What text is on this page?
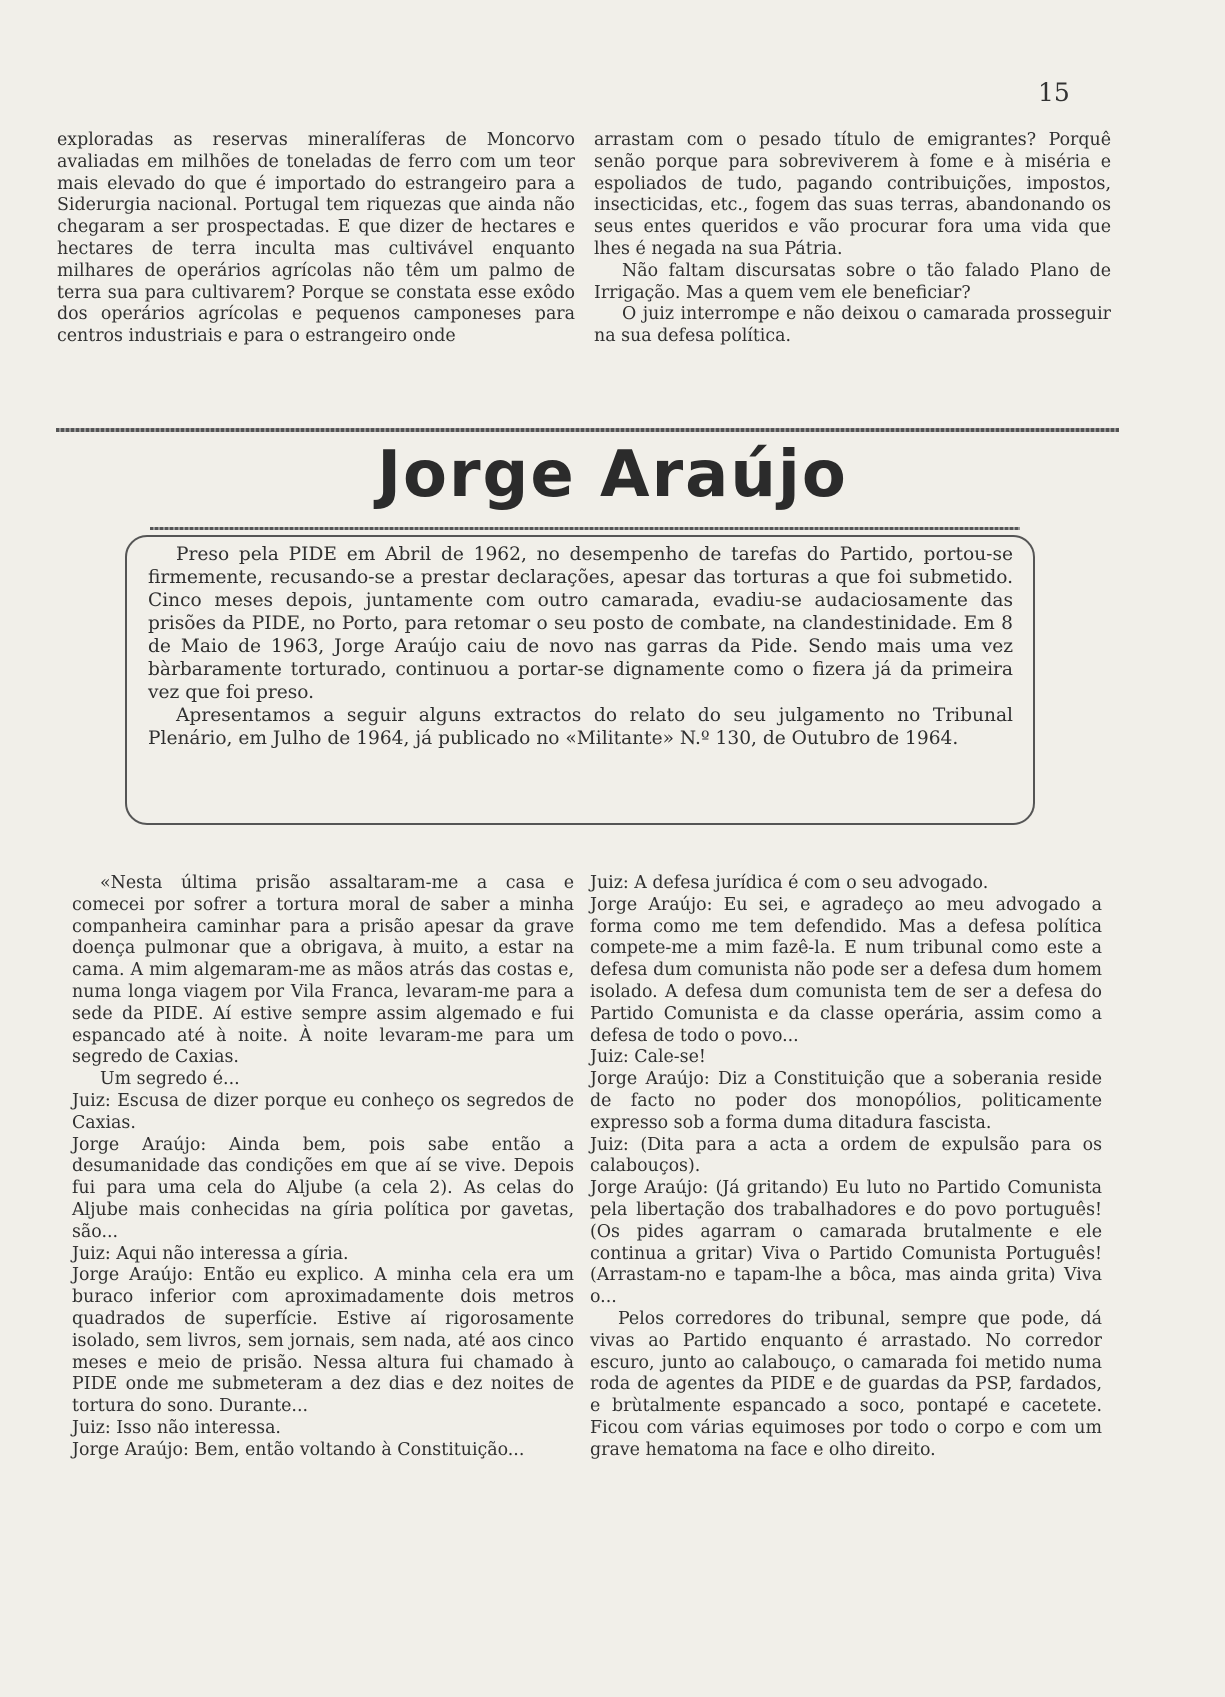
15

exploradas as reservas mineralíferas de Moncorvo avaliadas em milhões de toneladas de ferro com um teor mais elevado do que é importado do estrangeiro para a Siderurgia nacional. Portugal tem riquezas que ainda não chegaram a ser prospectadas. E que dizer de hectares e hectares de terra inculta mas cultivável enquanto milhares de operários agrícolas não têm um palmo de terra sua para cultivarem? Porque se constata esse exôdo dos operários agrícolas e pequenos camponeses para centros industriais e para o estrangeiro onde

arrastam com o pesado título de emigrantes? Porquê senão porque para sobreviverem à fome e à miséria e espoliados de tudo, pagando contribuições, impostos, insecticidas, etc., fogem das suas terras, abandonando os seus entes queridos e vão procurar fora uma vida que lhes é negada na sua Pátria.

Não faltam discursatas sobre o tão falado Plano de Irrigação. Mas a quem vem ele beneficiar?

O juiz interrompe e não deixou o camarada prosseguir na sua defesa política.

Jorge Araújo

Preso pela PIDE em Abril de 1962, no desempenho de tarefas do Partido, portou-se firmemente, recusando-se a prestar declarações, apesar das torturas a que foi submetido. Cinco meses depois, juntamente com outro camarada, evadiu-se audaciosamente das prisões da PIDE, no Porto, para retomar o seu posto de combate, na clandestinidade. Em 8 de Maio de 1963, Jorge Araújo caiu de novo nas garras da Pide. Sendo mais uma vez bàrbaramente torturado, continuou a portar-se dignamente como o fizera já da primeira vez que foi preso.

Apresentamos a seguir alguns extractos do relato do seu julgamento no Tribunal Plenário, em Julho de 1964, já publicado no «Militante» N.º 130, de Outubro de 1964.

«Nesta última prisão assaltaram-me a casa e comecei por sofrer a tortura moral de saber a minha companheira caminhar para a prisão apesar da grave doença pulmonar que a obrigava, à muito, a estar na cama. A mim algemaram-me as mãos atrás das costas e, numa longa viagem por Vila Franca, levaram-me para a sede da PIDE. Aí estive sempre assim algemado e fui espancado até à noite. À noite levaram-me para um segredo de Caxias.

Um segredo é...

Juiz: Escusa de dizer porque eu conheço os segredos de Caxias.

Jorge Araújo: Ainda bem, pois sabe então a desumanidade das condições em que aí se vive. Depois fui para uma cela do Aljube (a cela 2). As celas do Aljube mais conhecidas na gíria política por gavetas, são...

Juiz: Aqui não interessa a gíria.

Jorge Araújo: Então eu explico. A minha cela era um buraco inferior com aproximadamente dois metros quadrados de superfície. Estive aí rigorosamente isolado, sem livros, sem jornais, sem nada, até aos cinco meses e meio de prisão. Nessa altura fui chamado à PIDE onde me submeteram a dez dias e dez noites de tortura do sono. Durante...

Juiz: Isso não interessa.

Jorge Araújo: Bem, então voltando à Constituição...

Juiz: A defesa jurídica é com o seu advogado.

Jorge Araújo: Eu sei, e agradeço ao meu advogado a forma como me tem defendido. Mas a defesa política compete-me a mim fazê-la. E num tribunal como este a defesa dum comunista não pode ser a defesa dum homem isolado. A defesa dum comunista tem de ser a defesa do Partido Comunista e da classe operária, assim como a defesa de todo o povo...

Juiz: Cale-se!

Jorge Araújo: Diz a Constituição que a soberania reside de facto no poder dos monopólios, politicamente expresso sob a forma duma ditadura fascista.

Juiz: (Dita para a acta a ordem de expulsão para os calabouços).

Jorge Araújo: (Já gritando) Eu luto no Partido Comunista pela libertação dos trabalhadores e do povo português! (Os pides agarram o camarada brutalmente e ele continua a gritar) Viva o Partido Comunista Português! (Arrastam-no e tapam-lhe a bôca, mas ainda grita) Viva o...

Pelos corredores do tribunal, sempre que pode, dá vivas ao Partido enquanto é arrastado. No corredor escuro, junto ao calabouço, o camarada foi metido numa roda de agentes da PIDE e de guardas da PSP, fardados, e brùtalmente espancado a soco, pontapé e cacetete. Ficou com várias equimoses por todo o corpo e com um grave hematoma na face e olho direito.
